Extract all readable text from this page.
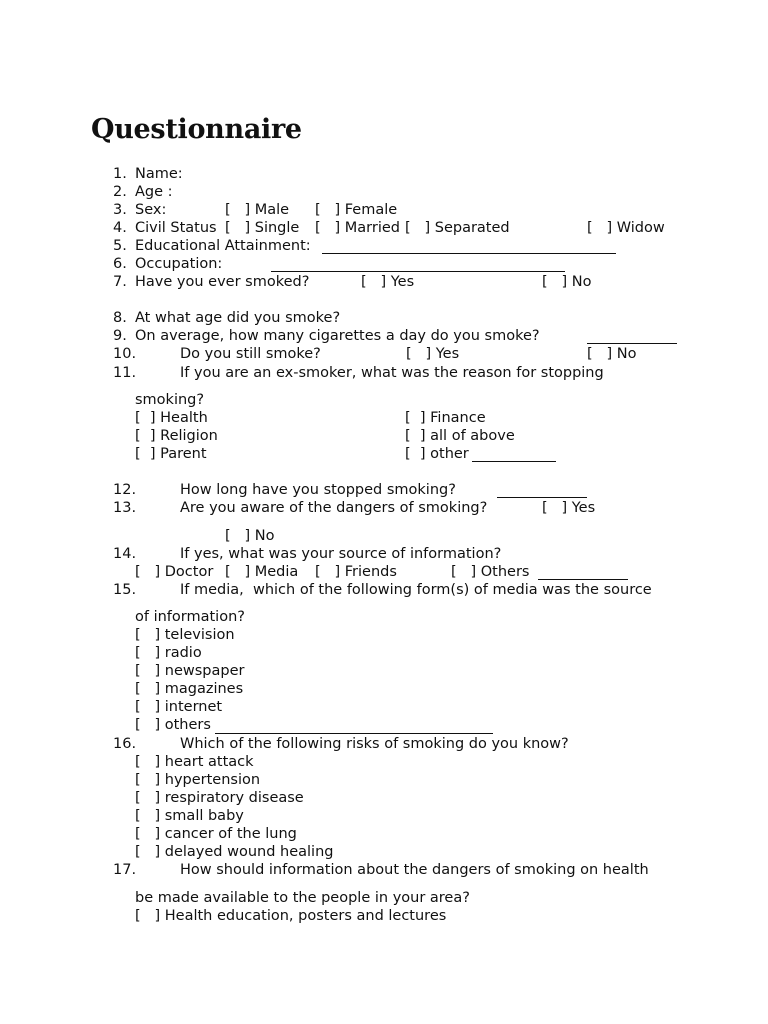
Questionnaire
1. Name:
2. Age :
3. Sex:	[   ] Male [   ] Female
4. Civil Status [   ] Single [   ] Married [   ] Separated	[   ] Widow
5. Educational Attainment:
6. Occupation:
7. Have you ever smoked?	[   ] Yes	[   ] No
8. At what age did you smoke?
9. On average, how many cigarettes a day do you smoke?
10.	Do you still smoke?	[   ] Yes	[   ] No
11.	If you are an ex-smoker, what was the reason for stopping
smoking?
[  ] Health	[  ] Finance
[  ] Religion	[  ] all of above
[  ] Parent	[  ] other
12.	How long have you stopped smoking?
13.	Are you aware of the dangers of smoking?	[   ] Yes
[   ] No
14.	If yes, what was your source of information?
[   ] Doctor [   ] Media [   ] Friends	[   ] Others
15.	If media,  which of the following form(s) of media was the source
of information?
[   ] television
[   ] radio
[   ] newspaper
[   ] magazines
[   ] internet
[   ] others
16.	Which of the following risks of smoking do you know?
[   ] heart attack
[   ] hypertension
[   ] respiratory disease
[   ] small baby
[   ] cancer of the lung
[   ] delayed wound healing
17.	How should information about the dangers of smoking on health
be made available to the people in your area?
[   ] Health education, posters and lectures
